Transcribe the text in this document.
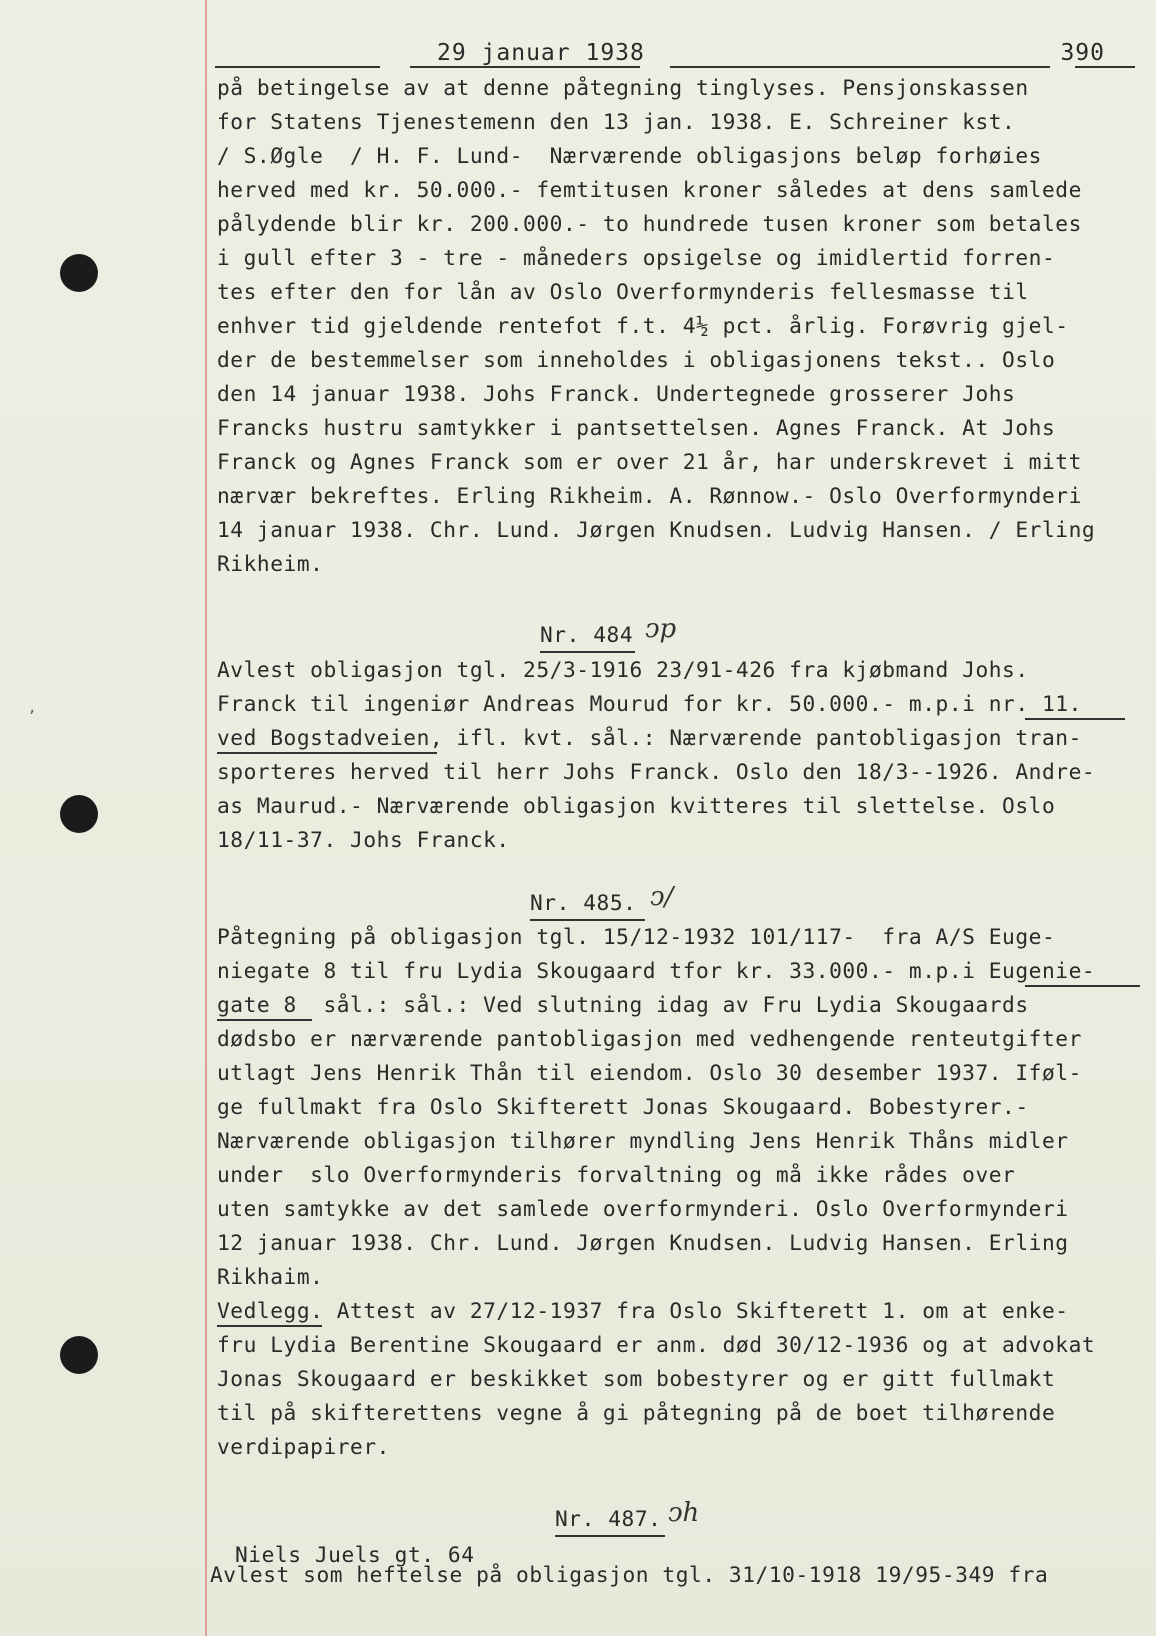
,
29 januar 1938	390
på betingelse av at denne påtegning tinglyses. Pensjonskassen
for Statens Tjenestemenn den 13 jan. 1938. E. Schreiner kst.
/ S.Øgle  / H. F. Lund-  Nærværende obligasjons beløp forhøies
herved med kr. 50.000.- femtitusen kroner således at dens samlede
pålydende blir kr. 200.000.- to hundrede tusen kroner som betales
i gull efter 3 - tre - måneders opsigelse og imidlertid forren-
tes efter den for lån av Oslo Overformynderis fellesmasse til
enhver tid gjeldende rentefot f.t. 4½ pct. årlig. Forøvrig gjel-
der de bestemmelser som inneholdes i obligasjonens tekst.. Oslo
den 14 januar 1938. Johs Franck. Undertegnede grosserer Johs
Francks hustru samtykker i pantsettelsen. Agnes Franck. At Johs
Franck og Agnes Franck som er over 21 år, har underskrevet i mitt
nærvær bekreftes. Erling Rikheim. A. Rønnow.- Oslo Overformynderi
14 januar 1938. Chr. Lund. Jørgen Knudsen. Ludvig Hansen. / Erling
Rikheim.
Nr. 484 ↄp
Avlest obligasjon tgl. 25/3-1916 23/91-426 fra kjøbmand Johs.
Franck til ingeniør Andreas Mourud for kr. 50.000.- m.p.i nr. 11.
ved Bogstadveien, ifl. kvt. sål.: Nærværende pantobligasjon tran-
sporteres herved til herr Johs Franck. Oslo den 18/3--1926. Andre-
as Maurud.- Nærværende obligasjon kvitteres til slettelse. Oslo
18/11-37. Johs Franck.
Nr. 485. ↄ/
Påtegning på obligasjon tgl. 15/12-1932 101/117-  fra A/S Euge-
niegate 8 til fru Lydia Skougaard tfor kr. 33.000.- m.p.i Eugenie-
gate 8  sål.: sål.: Ved slutning idag av Fru Lydia Skougaards
dødsbo er nærværende pantobligasjon med vedhengende renteutgifter
utlagt Jens Henrik Thån til eiendom. Oslo 30 desember 1937. Iføl-
ge fullmakt fra Oslo Skifterett Jonas Skougaard. Bobestyrer.-
Nærværende obligasjon tilhører myndling Jens Henrik Thåns midler
under  slo Overformynderis forvaltning og må ikke rådes over
uten samtykke av det samlede overformynderi. Oslo Overformynderi
12 januar 1938. Chr. Lund. Jørgen Knudsen. Ludvig Hansen. Erling
Rikhaim.
Vedlegg. Attest av 27/12-1937 fra Oslo Skifterett 1. om at enke-
fru Lydia Berentine Skougaard er anm. død 30/12-1936 og at advokat
Jonas Skougaard er beskikket som bobestyrer og er gitt fullmakt
til på skifterettens vegne å gi påtegning på de boet tilhørende
verdipapirer.
Nr. 487. ↄh
Niels Juels gt. 64
Avlest som heftelse på obligasjon tgl. 31/10-1918 19/95-349 fra
